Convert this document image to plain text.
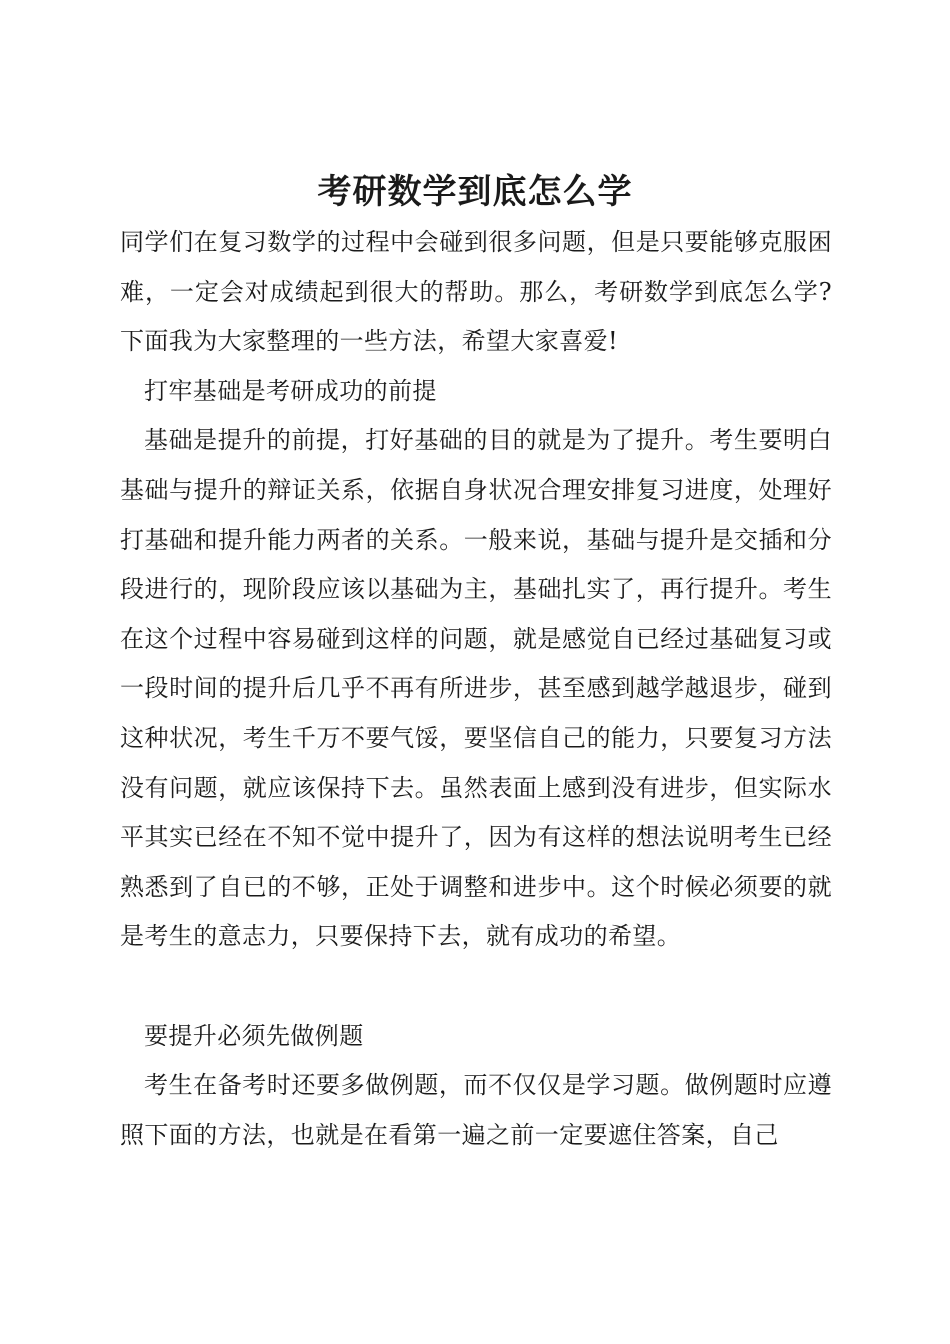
考研数学到底怎么学

同学们在复习数学的过程中会碰到很多问题，但是只要能够克服困难，一定会对成绩起到很大的帮助。那么，考研数学到底怎么学?下面我为大家整理的一些方法，希望大家喜爱!

打牢基础是考研成功的前提

基础是提升的前提，打好基础的目的就是为了提升。考生要明白基础与提升的辩证关系，依据自身状况合理安排复习进度，处理好打基础和提升能力两者的关系。一般来说，基础与提升是交插和分段进行的，现阶段应该以基础为主，基础扎实了，再行提升。考生在这个过程中容易碰到这样的问题，就是感觉自已经过基础复习或一段时间的提升后几乎不再有所进步，甚至感到越学越退步，碰到这种状况，考生千万不要气馁，要坚信自己的能力，只要复习方法没有问题，就应该保持下去。虽然表面上感到没有进步，但实际水平其实已经在不知不觉中提升了，因为有这样的想法说明考生已经熟悉到了自已的不够，正处于调整和进步中。这个时候必须要的就是考生的意志力，只要保持下去，就有成功的希望。

要提升必须先做例题

考生在备考时还要多做例题，而不仅仅是学习题。做例题时应遵照下面的方法，也就是在看第一遍之前一定要遮住答案，自己
